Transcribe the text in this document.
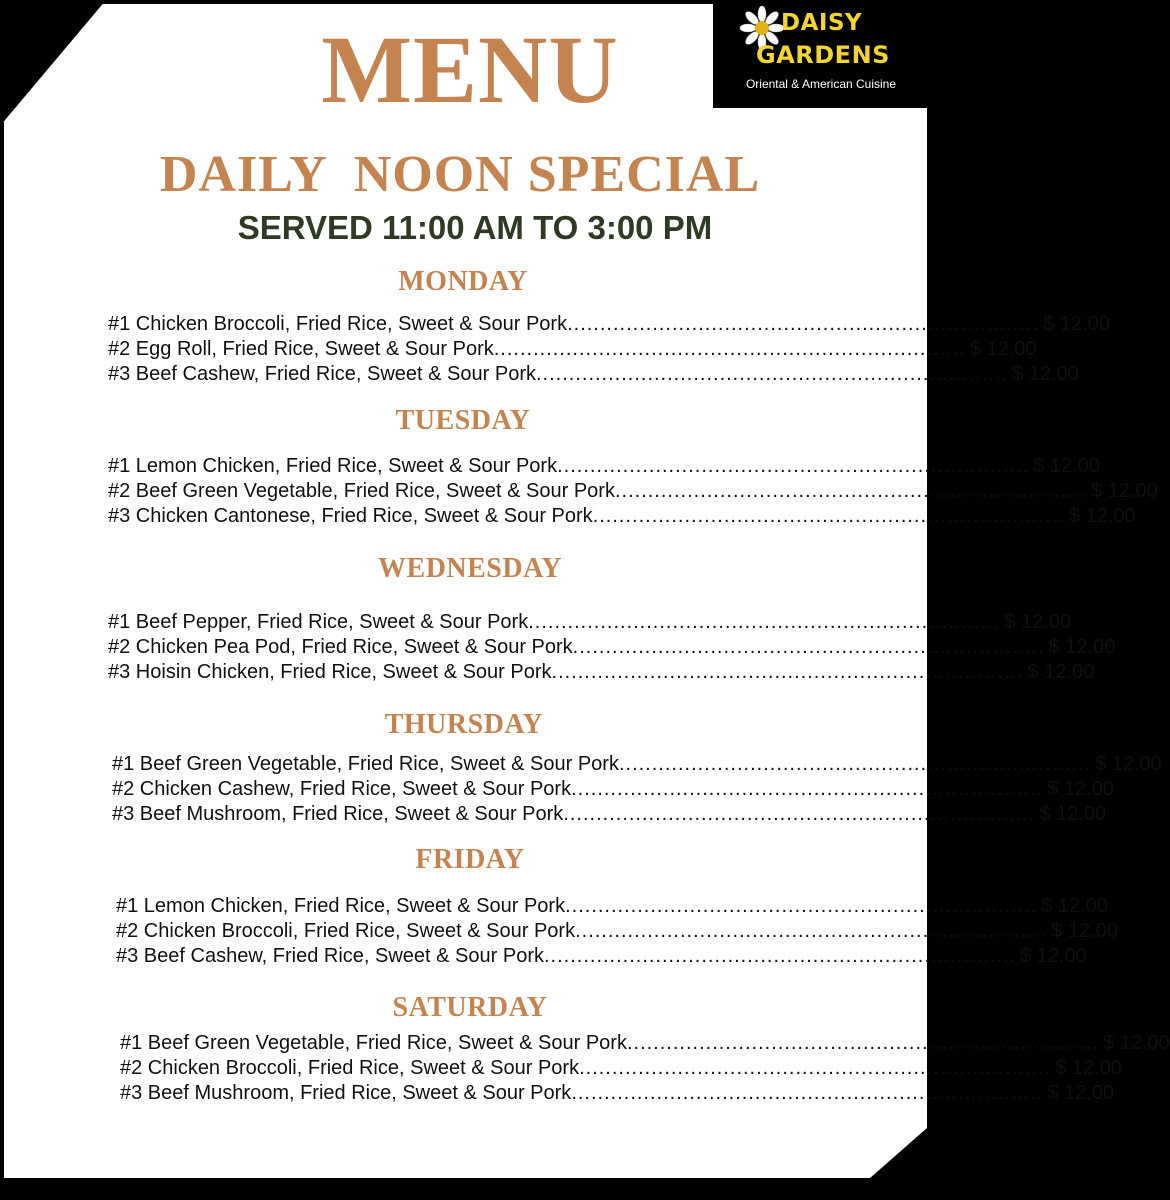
DAISY
GARDENS
Oriental & American Cuisine
MENU
DAILY  NOON SPECIAL
SERVED 11:00 AM TO 3:00 PM
MONDAY
#1 Chicken Broccoli, Fried Rice, Sweet & Sour Pork ........................................................................ $ 12.00
#2 Egg Roll, Fried Rice, Sweet & Sour Pork ........................................................................ $ 12.00
#3 Beef Cashew, Fried Rice, Sweet & Sour Pork ........................................................................ $ 12.00
TUESDAY
#1 Lemon Chicken, Fried Rice, Sweet & Sour Pork ........................................................................ $ 12.00
#2 Beef Green Vegetable, Fried Rice, Sweet & Sour Pork ........................................................................ $ 12.00
#3 Chicken Cantonese, Fried Rice, Sweet & Sour Pork ........................................................................ $ 12.00
WEDNESDAY
#1 Beef Pepper, Fried Rice, Sweet & Sour Pork ........................................................................ $ 12.00
#2 Chicken Pea Pod, Fried Rice, Sweet & Sour Pork ........................................................................ $ 12.00
#3 Hoisin Chicken, Fried Rice, Sweet & Sour Pork ........................................................................ $ 12.00
THURSDAY
#1 Beef Green Vegetable, Fried Rice, Sweet & Sour Pork ........................................................................ $ 12.00
#2 Chicken Cashew, Fried Rice, Sweet & Sour Pork ........................................................................ $ 12.00
#3 Beef Mushroom, Fried Rice, Sweet & Sour Pork ........................................................................ $ 12.00
FRIDAY
#1 Lemon Chicken, Fried Rice, Sweet & Sour Pork ........................................................................ $ 12.00
#2 Chicken Broccoli, Fried Rice, Sweet & Sour Pork ........................................................................ $ 12.00
#3 Beef Cashew, Fried Rice, Sweet & Sour Pork ........................................................................ $ 12.00
SATURDAY
#1 Beef Green Vegetable, Fried Rice, Sweet & Sour Pork ........................................................................ $ 12.00
#2 Chicken Broccoli, Fried Rice, Sweet & Sour Pork ........................................................................ $ 12.00
#3 Beef Mushroom, Fried Rice, Sweet & Sour Pork ........................................................................ $ 12.00
